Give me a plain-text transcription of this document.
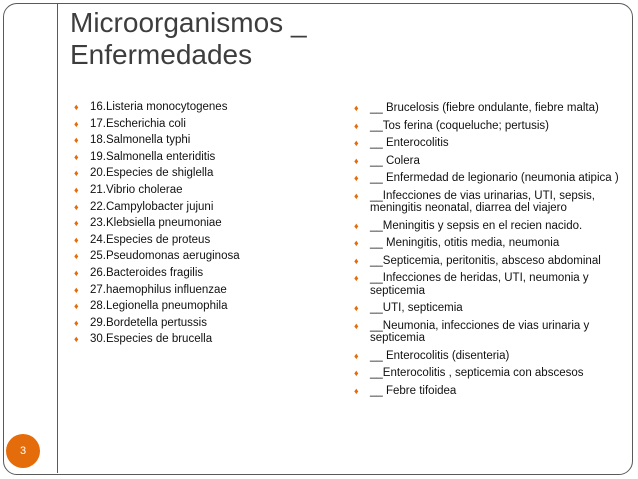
Microorganismos _
Enfermedades
♦ 16.Listeria monocytogenes
♦ 17.Escherichia coli
♦ 18.Salmonella typhi
♦ 19.Salmonella enteriditis
♦ 20.Especies de shiglella
♦ 21.Vibrio cholerae
♦ 22.Campylobacter jujuni
♦ 23.Klebsiella pneumoniae
♦ 24.Especies de proteus
♦ 25.Pseudomonas aeruginosa
♦ 26.Bacteroides fragilis
♦ 27.haemophilus influenzae
♦ 28.Legionella pneumophila
♦ 29.Bordetella pertussis
♦ 30.Especies de brucella
♦ __ Brucelosis (fiebre ondulante, fiebre malta)
♦ __Tos ferina (coqueluche; pertusis)
♦ __ Enterocolitis
♦ __ Colera
♦ __ Enfermedad de legionario (neumonia atipica )
♦ __Infecciones de vias urinarias, UTI, sepsis, meningitis neonatal, diarrea del viajero
♦ __Meningitis y sepsis en el recien nacido.
♦ __ Meningitis, otitis media, neumonia
♦ __Septicemia, peritonitis, absceso abdominal
♦ __Infecciones de heridas, UTI, neumonia y septicemia
♦ __UTI, septicemia
♦ __Neumonia, infecciones de vias urinaria y septicemia
♦ __ Enterocolitis (disenteria)
♦ __Enterocolitis , septicemia con abscesos
♦ __ Febre tifoidea
3
